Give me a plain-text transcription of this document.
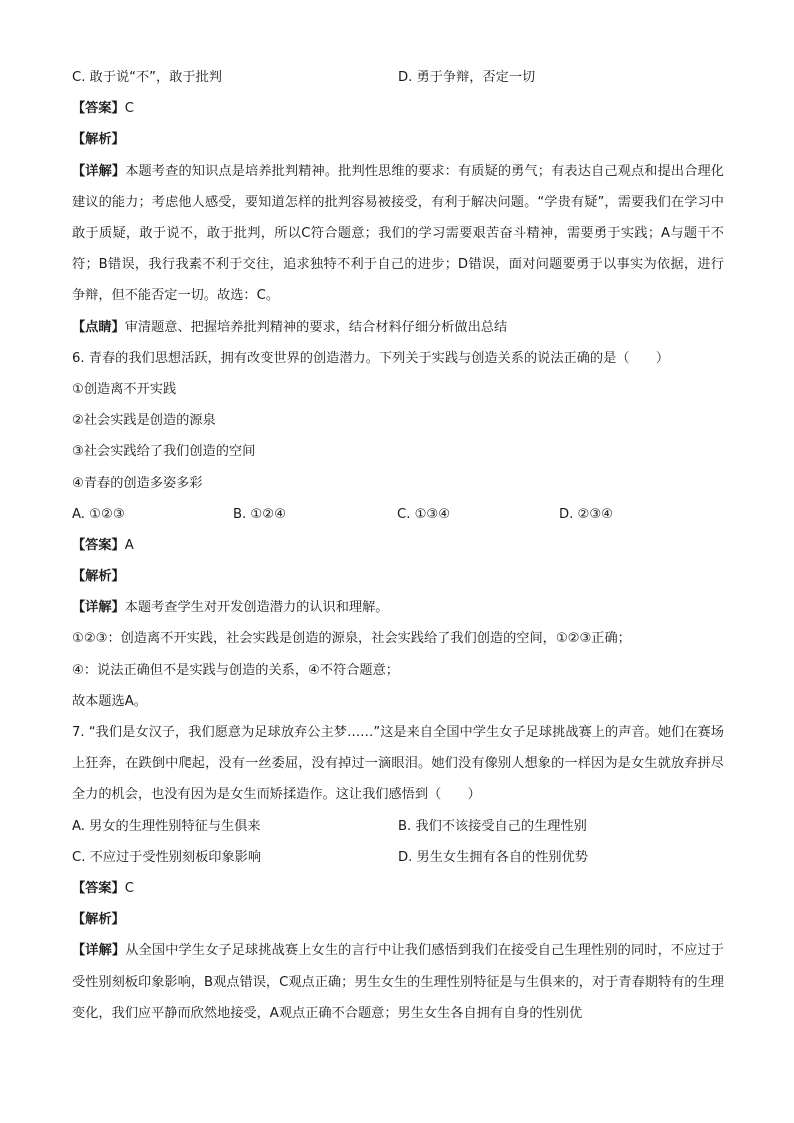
C. 敢于说“不”，敢于批判	D. 勇于争辩，否定一切
【答案】C
【解析】
【详解】本题考查的知识点是培养批判精神。批判性思维的要求：有质疑的勇气；有表达自己观点和提出合理化建议的能力；考虑他人感受，要知道怎样的批判容易被接受，有利于解决问题。“学贵有疑”，需要我们在学习中敢于质疑，敢于说不，敢于批判，所以C符合题意；我们的学习需要艰苦奋斗精神，需要勇于实践；A与题干不符；B错误，我行我素不利于交往，追求独特不利于自己的进步；D错误，面对问题要勇于以事实为依据，进行争辩，但不能否定一切。故选：C。
【点睛】审清题意、把握培养批判精神的要求，结合材料仔细分析做出总结
6. 青春的我们思想活跃，拥有改变世界的创造潜力。下列关于实践与创造关系的说法正确的是（　　）
①创造离不开实践
②社会实践是创造的源泉
③社会实践给了我们创造的空间
④青春的创造多姿多彩
A. ①②③	B. ①②④	C. ①③④	D. ②③④
【答案】A
【解析】
【详解】本题考查学生对开发创造潜力的认识和理解。
①②③：创造离不开实践，社会实践是创造的源泉，社会实践给了我们创造的空间，①②③正确；
④：说法正确但不是实践与创造的关系，④不符合题意；
故本题选A。
7. “我们是女汉子，我们愿意为足球放弃公主梦……”这是来自全国中学生女子足球挑战赛上的声音。她们在赛场上狂奔，在跌倒中爬起，没有一丝委屈，没有掉过一滴眼泪。她们没有像别人想象的一样因为是女生就放弃拼尽全力的机会，也没有因为是女生而矫揉造作。这让我们感悟到（　　）
A. 男女的生理性别特征与生俱来	B. 我们不该接受自己的生理性别
C. 不应过于受性别刻板印象影响	D. 男生女生拥有各自的性别优势
【答案】C
【解析】
【详解】从全国中学生女子足球挑战赛上女生的言行中让我们感悟到我们在接受自己生理性别的同时，不应过于受性别刻板印象影响，B观点错误，C观点正确；男生女生的生理性别特征是与生俱来的，对于青春期特有的生理变化，我们应平静而欣然地接受，A观点正确不合题意；男生女生各自拥有自身的性别优
